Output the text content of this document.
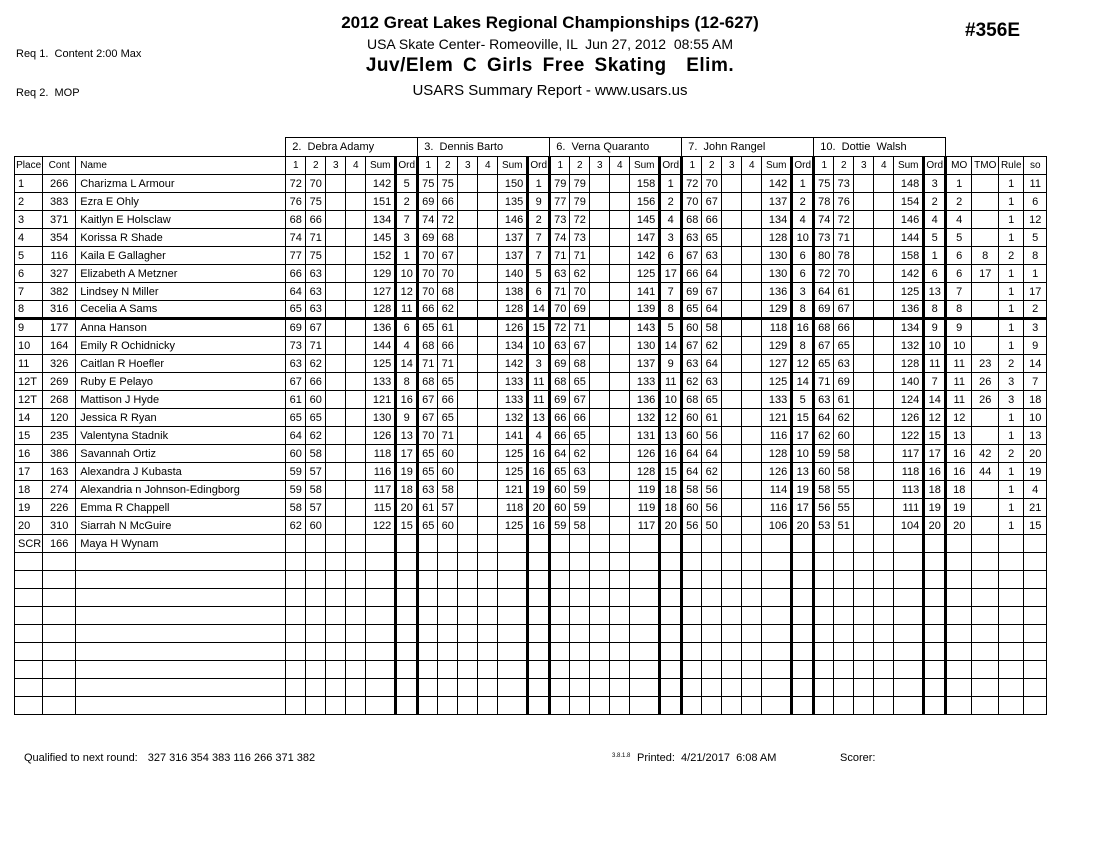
Req 1.  Content 2:00 Max

Req 2.  MOP

2012 Great Lakes Regional Championships (12-627)
USA Skate Center- Romeoville, IL  Jun 27, 2012  08:55 AM
Juv/Elem C Girls Free Skating  Elim.
USARS Summary Report - www.usars.us
#356E
			2.  Debra Adamy						3.  Dennis Barto						6.  Verna Quaranto						7.  John Rangel						10.  Dottie  Walsh									
Place	Cont	Name	1	2	3	4	Sum	Ord	1	2	3	4	Sum	Ord	1	2	3	4	Sum	Ord	1	2	3	4	Sum	Ord	1	2	3	4	Sum	Ord	MO	TMO	Rule	so
1	266	Charizma L Armour	72	70			142	5	75	75			150	1	79	79			158	1	72	70			142	1	75	73			148	3	1		1	11
2	383	Ezra E Ohly	76	75			151	2	69	66			135	9	77	79			156	2	70	67			137	2	78	76			154	2	2		1	6
3	371	Kaitlyn E Holsclaw	68	66			134	7	74	72			146	2	73	72			145	4	68	66			134	4	74	72			146	4	4		1	12
4	354	Korissa R Shade	74	71			145	3	69	68			137	7	74	73			147	3	63	65			128	10	73	71			144	5	5		1	5
5	116	Kaila E Gallagher	77	75			152	1	70	67			137	7	71	71			142	6	67	63			130	6	80	78			158	1	6	8	2	8
6	327	Elizabeth A Metzner	66	63			129	10	70	70			140	5	63	62			125	17	66	64			130	6	72	70			142	6	6	17	1	1
7	382	Lindsey N Miller	64	63			127	12	70	68			138	6	71	70			141	7	69	67			136	3	64	61			125	13	7		1	17
8	316	Cecelia A Sams	65	63			128	11	66	62			128	14	70	69			139	8	65	64			129	8	69	67			136	8	8		1	2
9	177	Anna Hanson	69	67			136	6	65	61			126	15	72	71			143	5	60	58			118	16	68	66			134	9	9		1	3
10	164	Emily R Ochidnicky	73	71			144	4	68	66			134	10	63	67			130	14	67	62			129	8	67	65			132	10	10		1	9
11	326	Caitlan R Hoefler	63	62			125	14	71	71			142	3	69	68			137	9	63	64			127	12	65	63			128	11	11	23	2	14
12T	269	Ruby E Pelayo	67	66			133	8	68	65			133	11	68	65			133	11	62	63			125	14	71	69			140	7	11	26	3	7
12T	268	Mattison J Hyde	61	60			121	16	67	66			133	11	69	67			136	10	68	65			133	5	63	61			124	14	11	26	3	18
14	120	Jessica R Ryan	65	65			130	9	67	65			132	13	66	66			132	12	60	61			121	15	64	62			126	12	12		1	10
15	235	Valentyna Stadnik	64	62			126	13	70	71			141	4	66	65			131	13	60	56			116	17	62	60			122	15	13		1	13
16	386	Savannah Ortiz	60	58			118	17	65	60			125	16	64	62			126	16	64	64			128	10	59	58			117	17	16	42	2	20
17	163	Alexandra J Kubasta	59	57			116	19	65	60			125	16	65	63			128	15	64	62			126	13	60	58			118	16	16	44	1	19
18	274	Alexandria n Johnson-Edingborg	59	58			117	18	63	58			121	19	60	59			119	18	58	56			114	19	58	55			113	18	18		1	4
19	226	Emma R Chappell	58	57			115	20	61	57			118	20	60	59			119	18	60	56			116	17	56	55			111	19	19		1	21
20	310	Siarrah N McGuire	62	60			122	15	65	60			125	16	59	58			117	20	56	50			106	20	53	51			104	20	20		1	15
SCR	166	Maya H Wynam																																		

Qualified to next round: 327 316 354 383 116 266 371 382	3.8.1.8 Printed:  4/21/2017  6:08 AM	Scorer:
